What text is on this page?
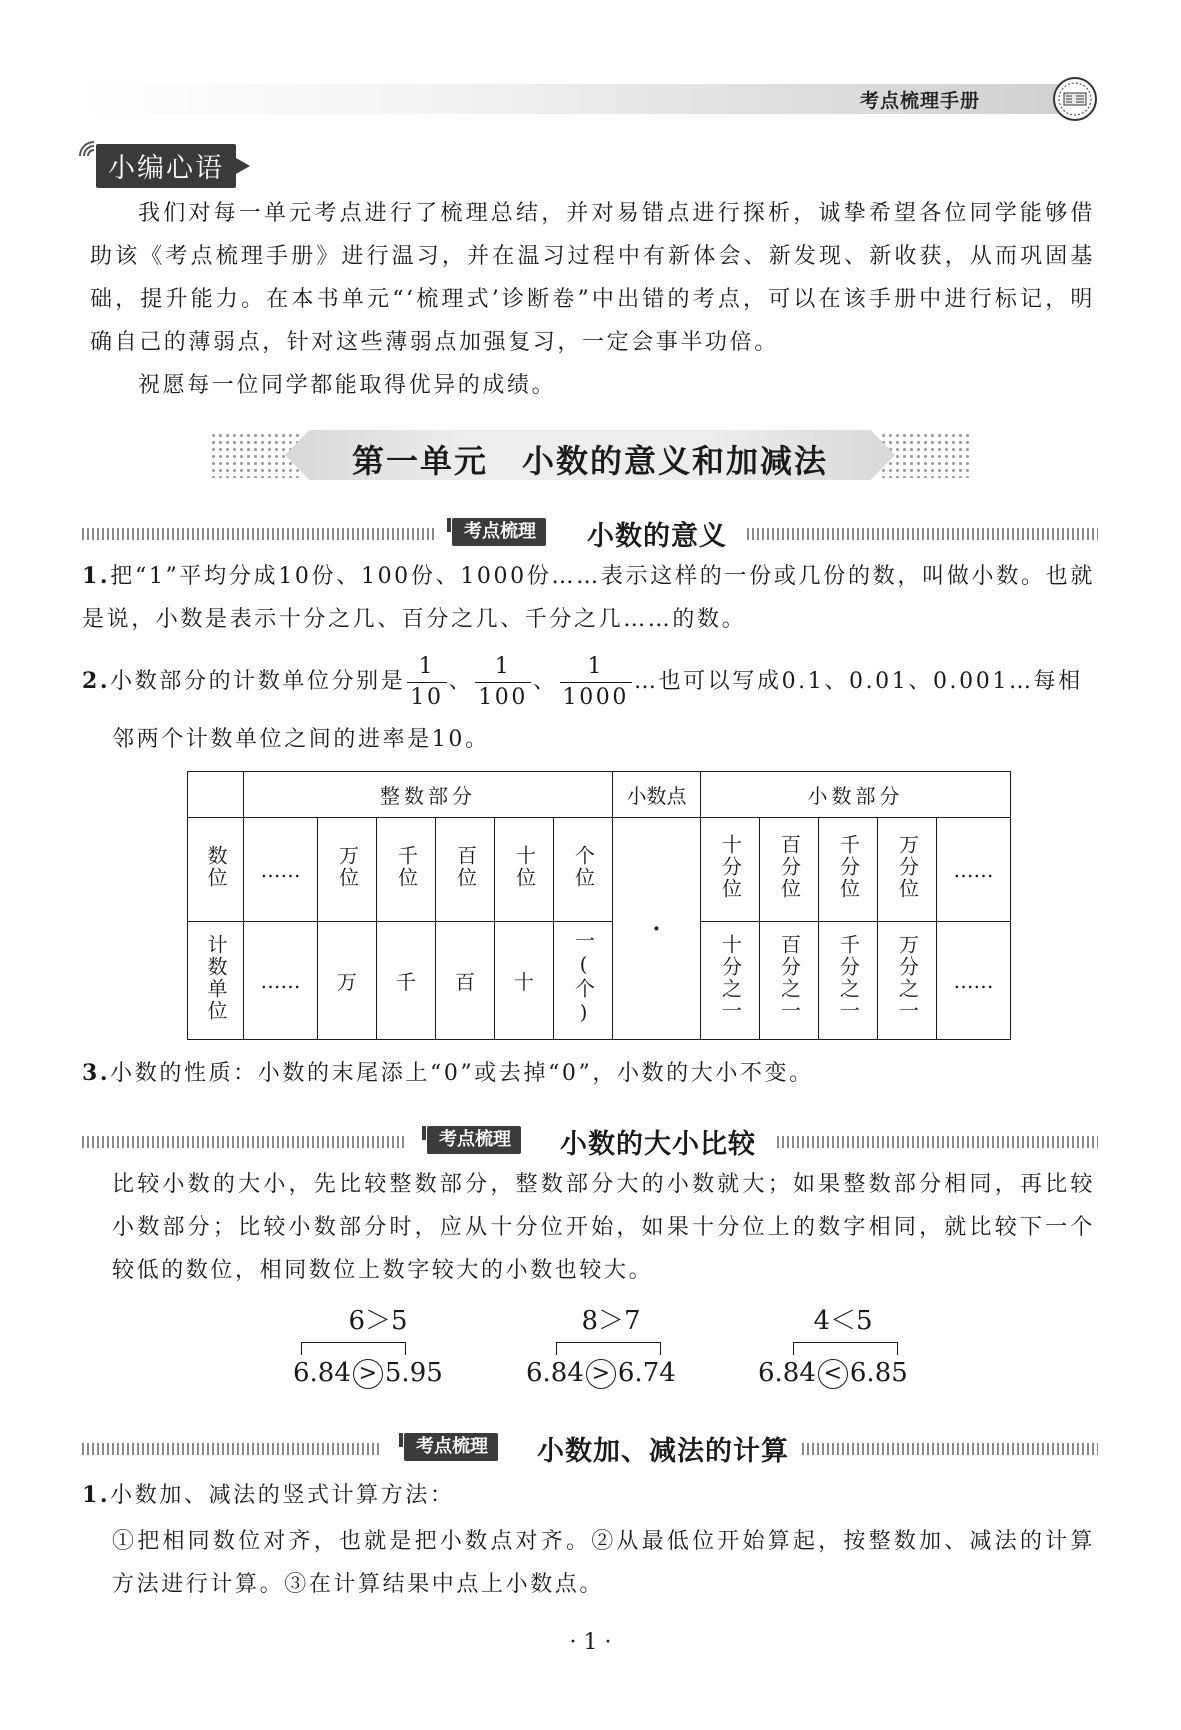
考点梳理手册
小编心语
我们对每一单元考点进行了梳理总结，并对易错点进行探析，诚挚希望各位同学能够借助该《考点梳理手册》进行温习，并在温习过程中有新体会、新发现、新收获，从而巩固基础，提升能力。在本书单元“‘梳理式’诊断卷”中出错的考点，可以在该手册中进行标记，明确自己的薄弱点，针对这些薄弱点加强复习，一定会事半功倍。
祝愿每一位同学都能取得优异的成绩。
第一单元　小数的意义和加减法
考点梳理	小数的意义
1.把“1”平均分成10份、100份、1000份……表示这样的一份或几份的数，叫做小数。也就是说，小数是表示十分之几、百分之几、千分之几……的数。
2.小数部分的计数单位分别是 $\frac{1}{10}$ 、 $\frac{1}{100}$ 、 $\frac{1}{1000}$ …也可以写成0.1、0.01、0.001…每相
邻两个计数单位之间的进率是10。
	整数部分						小数点	小数部分				
数位	……	万位	千位	百位	十位	个位	·	十分位	百分位	千分位	万分位	……
计数单位	……	万	千	百	十	一(个)		十分之一	百分之一	千分之一	万分之一	……
3.小数的性质：小数的末尾添上“0”或去掉“0”，小数的大小不变。
考点梳理	小数的大小比较
比较小数的大小，先比较整数部分，整数部分大的小数就大；如果整数部分相同，再比较小数部分；比较小数部分时，应从十分位开始，如果十分位上的数字相同，就比较下一个较低的数位，相同数位上数字较大的小数也较大。
6＞5
6.84 > 5.95
8＞7
6.84 > 6.74
4＜5
6.84 < 6.85
考点梳理	小数加、减法的计算
1.小数加、减法的竖式计算方法：
①把相同数位对齐，也就是把小数点对齐。②从最低位开始算起，按整数加、减法的计算方法进行计算。③在计算结果中点上小数点。
· 1 ·
